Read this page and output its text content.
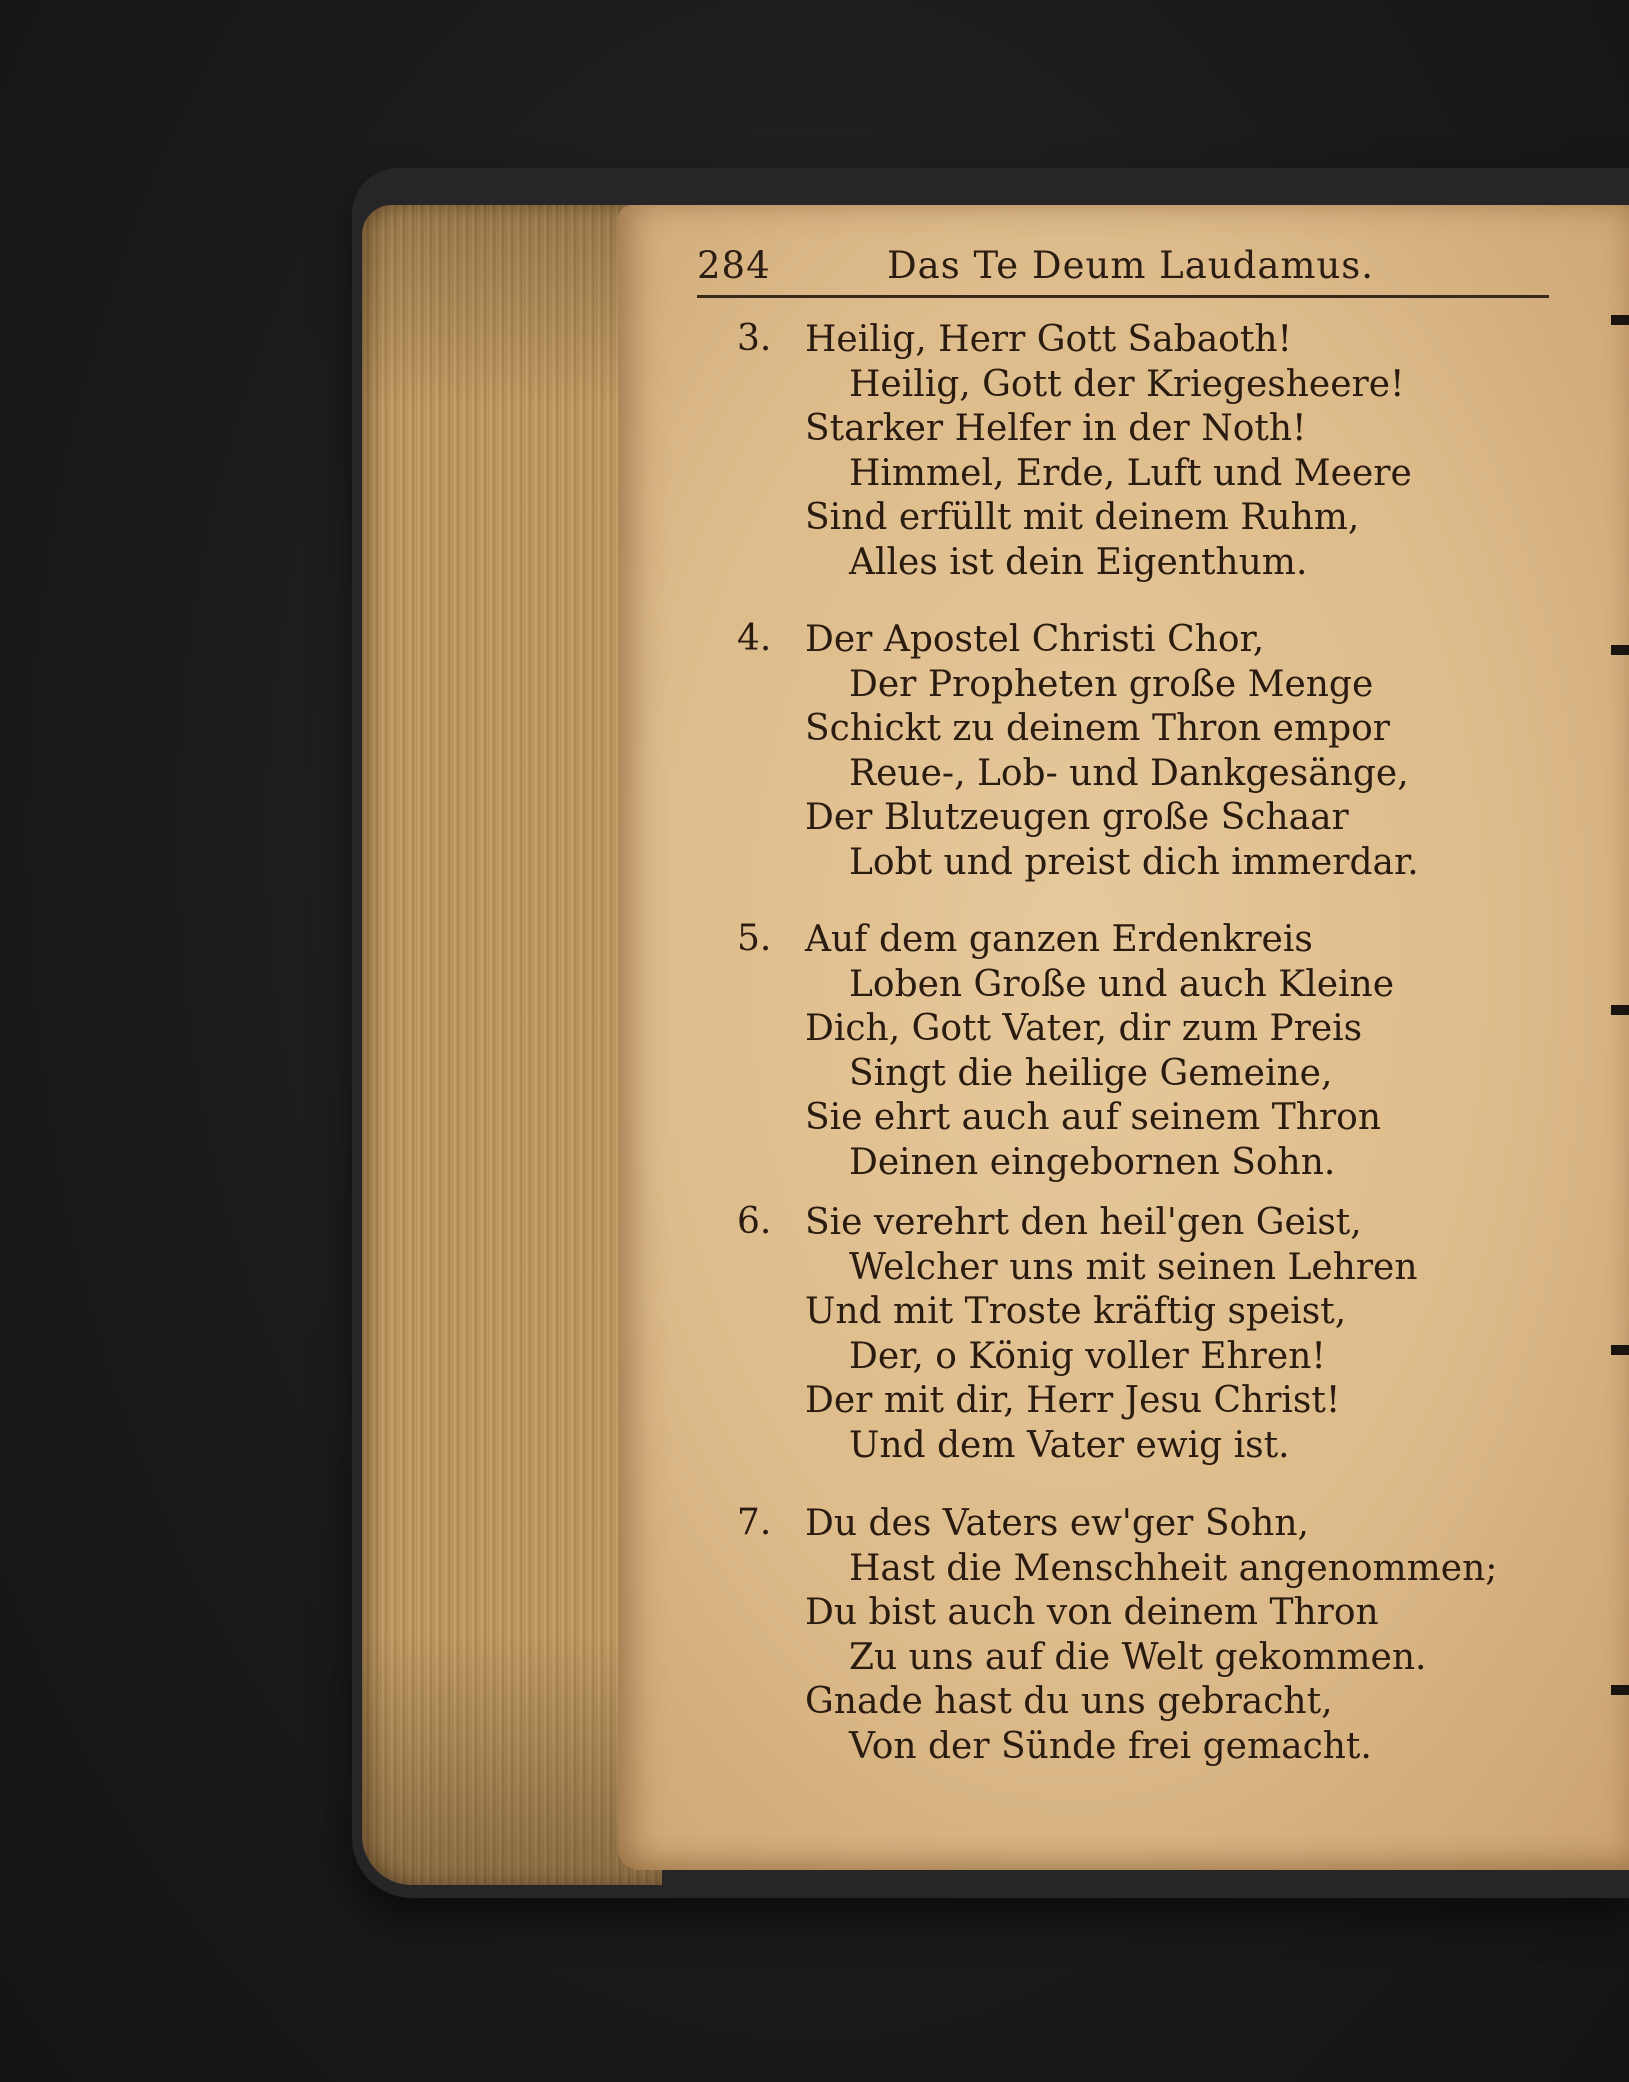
284	Das Te Deum Laudamus.
3. Heilig, Herr Gott Sabaoth!
Heilig, Gott der Kriegesheere!
Starker Helfer in der Noth!
Himmel, Erde, Luft und Meere
Sind erfüllt mit deinem Ruhm,
Alles ist dein Eigenthum.
4. Der Apostel Christi Chor,
Der Propheten große Menge
Schickt zu deinem Thron empor
Reue-, Lob- und Dankgesänge,
Der Blutzeugen große Schaar
Lobt und preist dich immerdar.
5. Auf dem ganzen Erdenkreis
Loben Große und auch Kleine
Dich, Gott Vater, dir zum Preis
Singt die heilige Gemeine,
Sie ehrt auch auf seinem Thron
Deinen eingebornen Sohn.
6. Sie verehrt den heil'gen Geist,
Welcher uns mit seinen Lehren
Und mit Troste kräftig speist,
Der, o König voller Ehren!
Der mit dir, Herr Jesu Christ!
Und dem Vater ewig ist.
7. Du des Vaters ew'ger Sohn,
Hast die Menschheit angenommen;
Du bist auch von deinem Thron
Zu uns auf die Welt gekommen.
Gnade hast du uns gebracht,
Von der Sünde frei gemacht.
